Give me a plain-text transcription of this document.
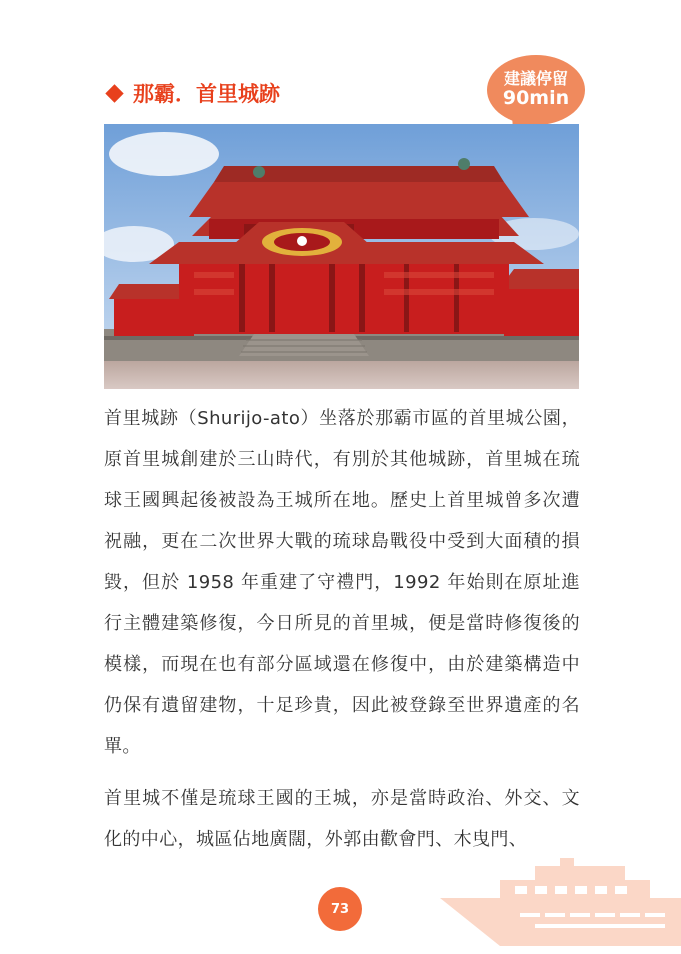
那霸．首里城跡
建議停留
90min

首里城跡（Shurijo-ato）坐落於那霸市區的首里城公園，原首里城創建於三山時代，有別於其他城跡，首里城在琉球王國興起後被設為王城所在地。歷史上首里城曾多次遭祝融，更在二次世界大戰的琉球島戰役中受到大面積的損毀，但於 1958 年重建了守禮門，1992 年始則在原址進行主體建築修復，今日所見的首里城，便是當時修復後的模樣，而現在也有部分區域還在修復中，由於建築構造中仍保有遺留建物，十足珍貴，因此被登錄至世界遺產的名單。

首里城不僅是琉球王國的王城，亦是當時政治、外交、文化的中心，城區佔地廣闊，外郭由歡會門、木曳門、

73
